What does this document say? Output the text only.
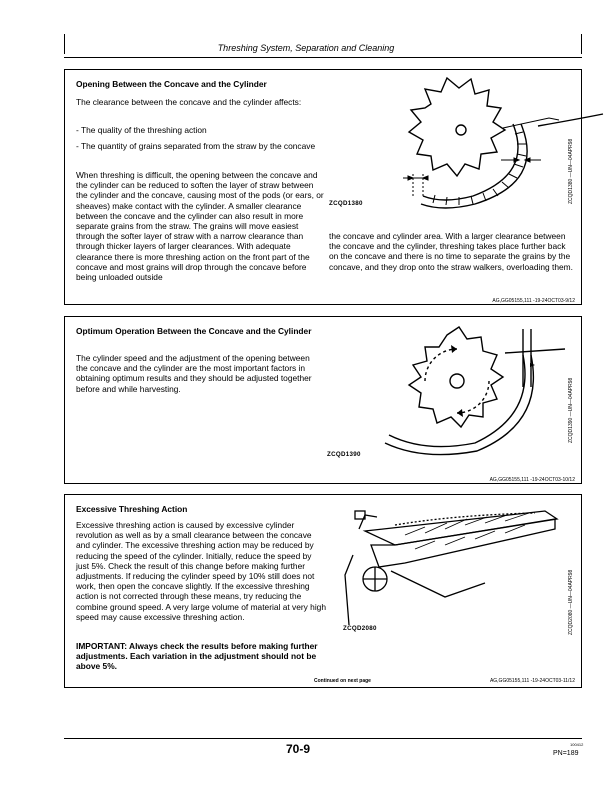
Threshing System, Separation and Cleaning
Opening Between the Concave and the Cylinder

The clearance between the concave and the cylinder affects:

- The quality of the threshing action

- The quantity of grains separated from the straw by the concave

When threshing is difficult, the opening between the concave and the cylinder can be reduced to soften the layer of straw between the cylinder and the concave, causing most of the pods (or ears, or sheaves) make contact with the cylinder. A smaller clearance between the concave and the cylinder can also result in more separate grains from the straw. The grains will move easiest through the softer layer of straw with a narrow clearance than through thicker layers of larger clearances. With adequate clearance there is more threshing action on the front part of the concave and most grains will drop through the concave before being unloaded outside

the concave and cylinder area. With a larger clearance between the concave and the cylinder, threshing takes place further back on the concave and there is no time to separate the grains by the concave, and they drop onto the straw walkers, overloading them.

ZCQD1380	ZCQD1380 —UN—04APR98
AG,GG05155,111 -19-24OCT03-9/12
Optimum Operation Between the Concave and the Cylinder

The cylinder speed and the adjustment of the opening between the concave and the cylinder are the most important factors in obtaining optimum results and they should be adjusted together before and while harvesting.

ZCQD1390
ZCQD1390 —UN—04APR98
AG,GG05155,111 -19-24OCT03-10/12
Excessive Threshing Action

Excessive threshing action is caused by excessive cylinder revolution as well as by a small clearance between the concave and cylinder. The excessive threshing action may be reduced by reducing the speed of the cylinder. Initially, reduce the speed by just 5%. Check the result of this change before making further adjustments. If reducing the cylinder speed by 10% still does not work, then open the concave slightly. If the excessive threshing action is not corrected through these means, try reducing the combine ground speed. A very large volume of material at very high speed may cause excessive threshing action.

IMPORTANT: Always check the results before making further adjustments. Each variation in the adjustment should not be above 5%.

ZCQD2080	ZCQD2080 —UN—04APR98
Continued on next page	AG,GG05155,111 -19-24OCT03-11/12
70-9	100412
PN=189
